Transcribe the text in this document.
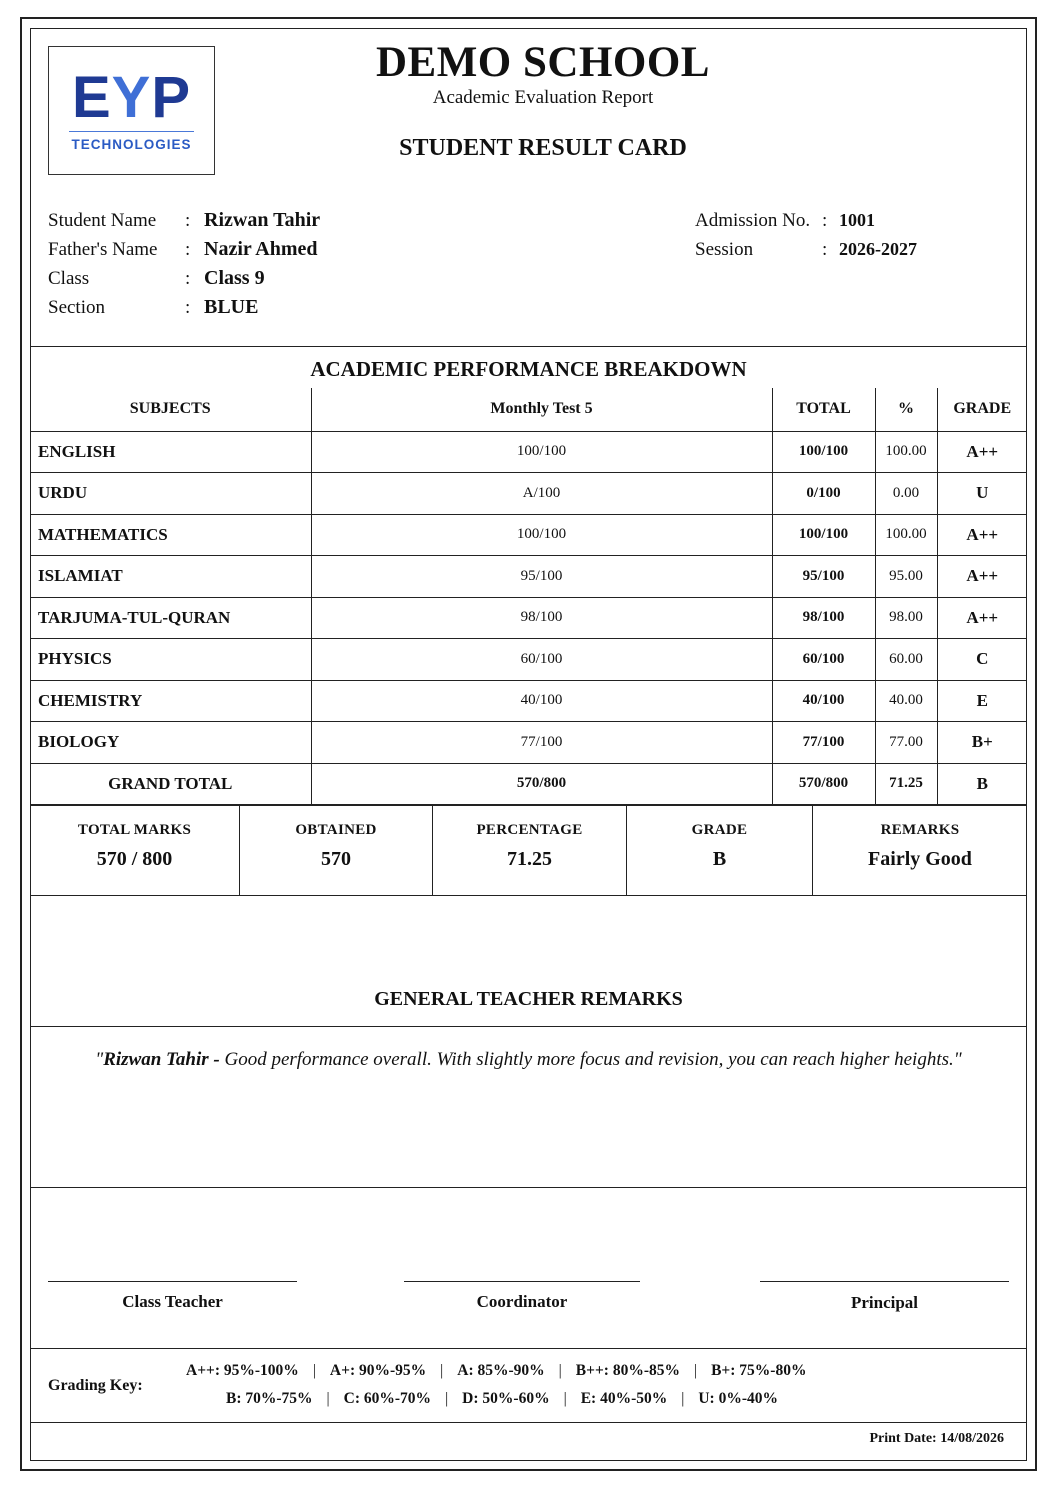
EYP
TECHNOLOGIES
DEMO SCHOOL
Academic Evaluation Report
STUDENT RESULT CARD
Student Name : Rizwan Tahir
Father's Name : Nazir Ahmed
Class	: Class 9
Section	: BLUE
Admission No. : 1001
Session	: 2026-2027
ACADEMIC PERFORMANCE BREAKDOWN
SUBJECTS	Monthly Test 5	TOTAL	%	GRADE
ENGLISH	100/100	100/100	100.00	A++
URDU	A/100	0/100	0.00	U
MATHEMATICS	100/100	100/100	100.00	A++
ISLAMIAT	95/100	95/100	95.00	A++
TARJUMA-TUL-QURAN	98/100	98/100	98.00	A++
PHYSICS	60/100	60/100	60.00	C
CHEMISTRY	40/100	40/100	40.00	E
BIOLOGY	77/100	77/100	77.00	B+
GRAND TOTAL	570/800	570/800	71.25	B
TOTAL MARKS
570 / 800
OBTAINED
570
PERCENTAGE
71.25
GRADE
B
REMARKS
Fairly Good
GENERAL TEACHER REMARKS
"Rizwan Tahir - Good performance overall. With slightly more focus and revision, you can reach higher heights."
Class Teacher	Coordinator	Principal
Grading Key:
A++: 95%-100% | A+: 90%-95% | A: 85%-90% | B++: 80%-85% | B+: 75%-80%
B: 70%-75% | C: 60%-70% | D: 50%-60% | E: 40%-50% | U: 0%-40%
Print Date: 14/08/2026
